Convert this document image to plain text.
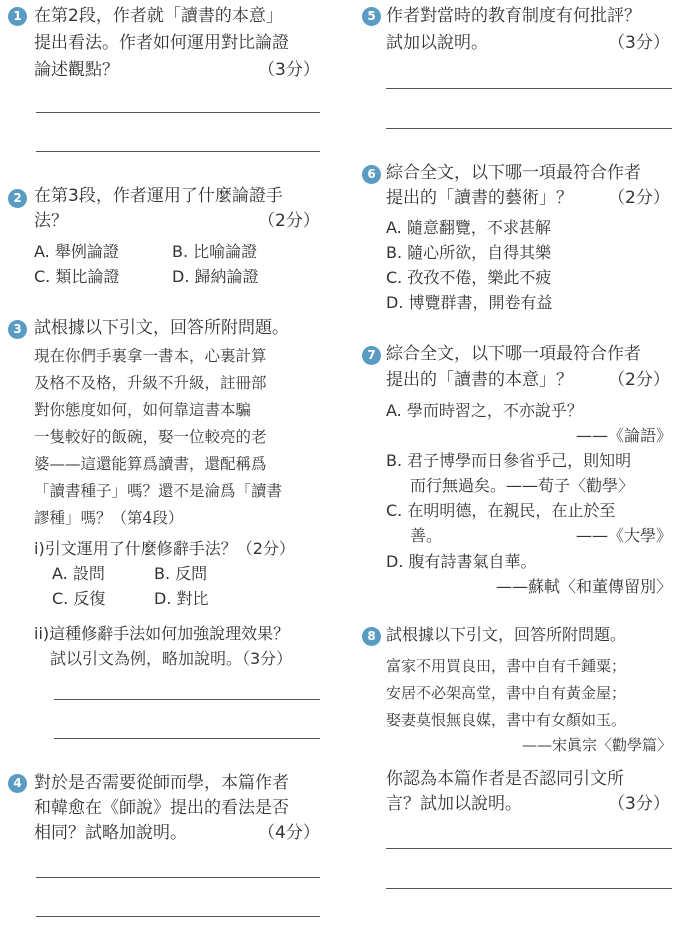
1 在第2段，作者就「讀書的本意」
提出看法。作者如何運用對比論證
論述觀點？	（3分）
2 在第3段，作者運用了什麼論證手
法？	（2分）
A. 舉例論證	B. 比喻論證
C. 類比論證	D. 歸納論證
3 試根據以下引文，回答所附問題。
現在你們手裏拿一書本，心裏計算
及格不及格，升級不升級，註冊部
對你態度如何，如何靠這書本騙
一隻較好的飯碗，娶一位較亮的老
婆——這還能算爲讀書，還配稱爲
「讀書種子」嗎？還不是淪爲「讀書
謬種」嗎？（第4段）
i)引文運用了什麼修辭手法？（2分）
A. 設問	B. 反問
C. 反復	D. 對比
ii)這種修辭手法如何加強說理效果？
試以引文為例，略加說明。（3分）
4 對於是否需要從師而學，本篇作者
和韓愈在《師說》提出的看法是否
相同？試略加說明。	（4分）
5 作者對當時的教育制度有何批評？
試加以說明。	（3分）
6 綜合全文，以下哪一項最符合作者
提出的「讀書的藝術」？ （2分）
A. 隨意翻覽，不求甚解
B. 隨心所欲，自得其樂
C. 孜孜不倦，樂此不疲
D. 博覽群書，開卷有益
7 綜合全文，以下哪一項最符合作者
提出的「讀書的本意」？ （2分）
A. 學而時習之，不亦說乎？
——《論語》
B. 君子博學而日參省乎己，則知明
而行無過矣。——荀子〈勸學〉
C. 在明明德，在親民，在止於至
善。	——《大學》
D. 腹有詩書氣自華。
——蘇軾〈和董傳留別〉
8 試根據以下引文，回答所附問題。
富家不用買良田，書中自有千鍾粟；
安居不必架高堂，書中自有黃金屋；
娶妻莫恨無良媒，書中有女顏如玉。
——宋眞宗〈勸學篇〉
你認為本篇作者是否認同引文所
言？試加以說明。	（3分）
